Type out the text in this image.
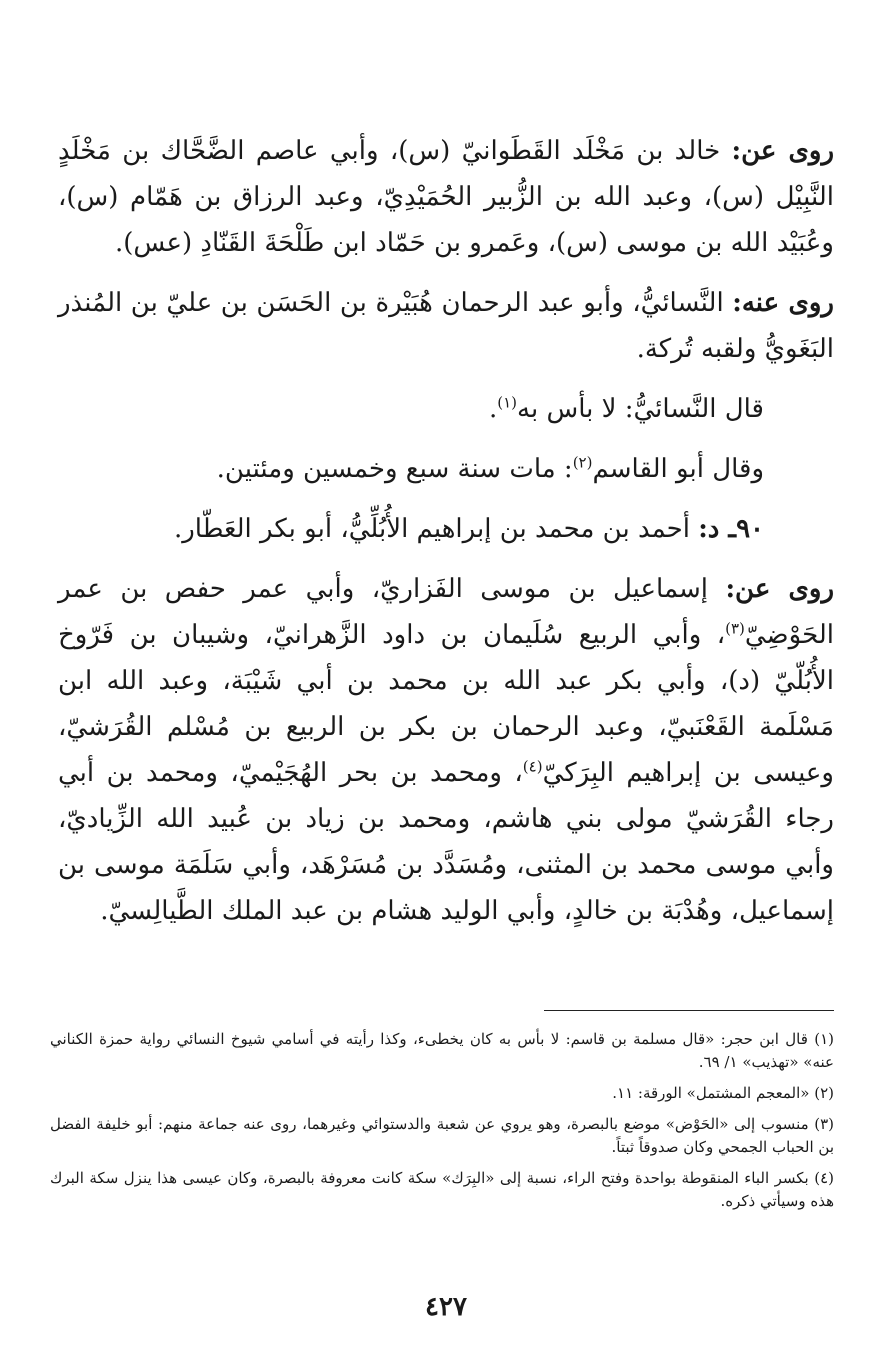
روى عن: خالد بن مَخْلَد القَطَوانيّ (س)، وأبي عاصم الضَّحَّاك بن مَخْلَدٍ النَّبِيْل (س)، وعبد الله بن الزُّبير الحُمَيْدِيّ، وعبد الرزاق بن هَمّام (س)، وعُبَيْد الله بن موسى (س)، وعَمرو بن حَمّاد ابن طَلْحَةَ القَنّادِ (عس).

روى عنه: النَّسائيُّ، وأبو عبد الرحمان هُبَيْرة بن الحَسَن بن عليّ بن المُنذر البَغَويُّ ولقبه تُركة.

قال النَّسائيُّ: لا بأس به$^{(١)}$.

وقال أبو القاسم$^{(٢)}$: مات سنة سبع وخمسين ومئتين.

٩٠ـ د: أحمد بن محمد بن إبراهيم الأُبُلِّيُّ، أبو بكر العَطّار.

روى عن: إسماعيل بن موسى الفَزاريّ، وأبي عمر حفص بن عمر الحَوْضِيّ$^{(٣)}$، وأبي الربيع سُلَيمان بن داود الزَّهرانيّ، وشيبان بن فَرّوخ الأُبُلّيّ (د)، وأبي بكر عبد الله بن محمد بن أبي شَيْبَة، وعبد الله ابن مَسْلَمة القَعْنَبيّ، وعبد الرحمان بن بكر بن الربيع بن مُسْلم القُرَشيّ، وعيسى بن إبراهيم البِرَكيّ$^{(٤)}$، ومحمد بن بحر الهُجَيْميّ، ومحمد بن أبي رجاء القُرَشيّ مولى بني هاشم، ومحمد بن زياد بن عُبيد الله الزِّياديّ، وأبي موسى محمد بن المثنى، ومُسَدَّد بن مُسَرْهَد، وأبي سَلَمَة موسى بن إسماعيل، وهُدْبَة بن خالدٍ، وأبي الوليد هشام بن عبد الملك الطَّيالِسيّ.

(١) قال ابن حجر: «قال مسلمة بن قاسم: لا بأس به كان يخطىء، وكذا رأيته في أسامي شيوخ النسائي رواية حمزة الكناني عنه» «تهذيب» ١/ ٦٩.

(٢) «المعجم المشتمل» الورقة: ١١.

(٣) منسوب إلى «الحَوْض» موضع بالبصرة، وهو يروي عن شعبة والدستوائي وغيرهما، روى عنه جماعة منهم: أبو خليفة الفضل بن الحباب الجمحي وكان صدوقاً ثبتاً.

(٤) بكسر الباء المنقوطة بواحدة وفتح الراء، نسبة إلى «البِرَك» سكة كانت معروفة بالبصرة، وكان عيسى هذا ينزل سكة البرك هذه وسيأتي ذكره.

٤٢٧
